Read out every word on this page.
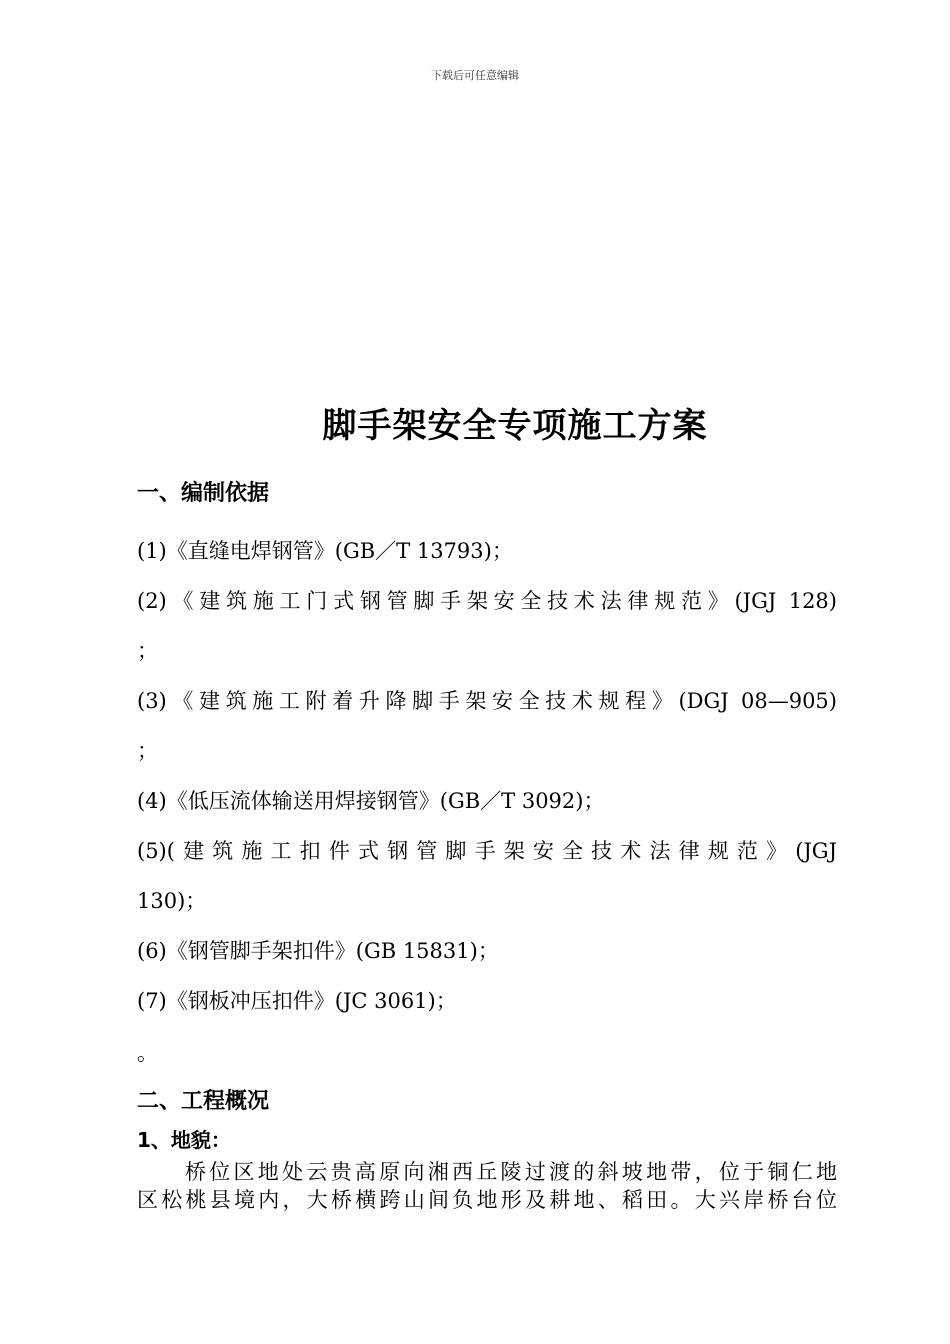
下载后可任意编辑
脚手架安全专项施工方案
一、编制依据
(1)《直缝电焊钢管》(GB／T 13793)；
(2)《建筑施工门式钢管脚手架安全技术法律规范》(JGJ 128)
；
(3)《建筑施工附着升降脚手架安全技术规程》(DGJ 08—905)
；
(4)《低压流体输送用焊接钢管》(GB／T 3092)；
(5)(建筑施工扣件式钢管脚手架安全技术法律规范》(JGJ
130)；
(6)《钢管脚手架扣件》(GB 15831)；
(7)《钢板冲压扣件》(JC 3061)；
。
二、工程概况
1、地貌：
桥位区地处云贵高原向湘西丘陵过渡的斜坡地带，位于铜仁地
区松桃县境内，大桥横跨山间负地形及耕地、稻田。大兴岸桥台位
